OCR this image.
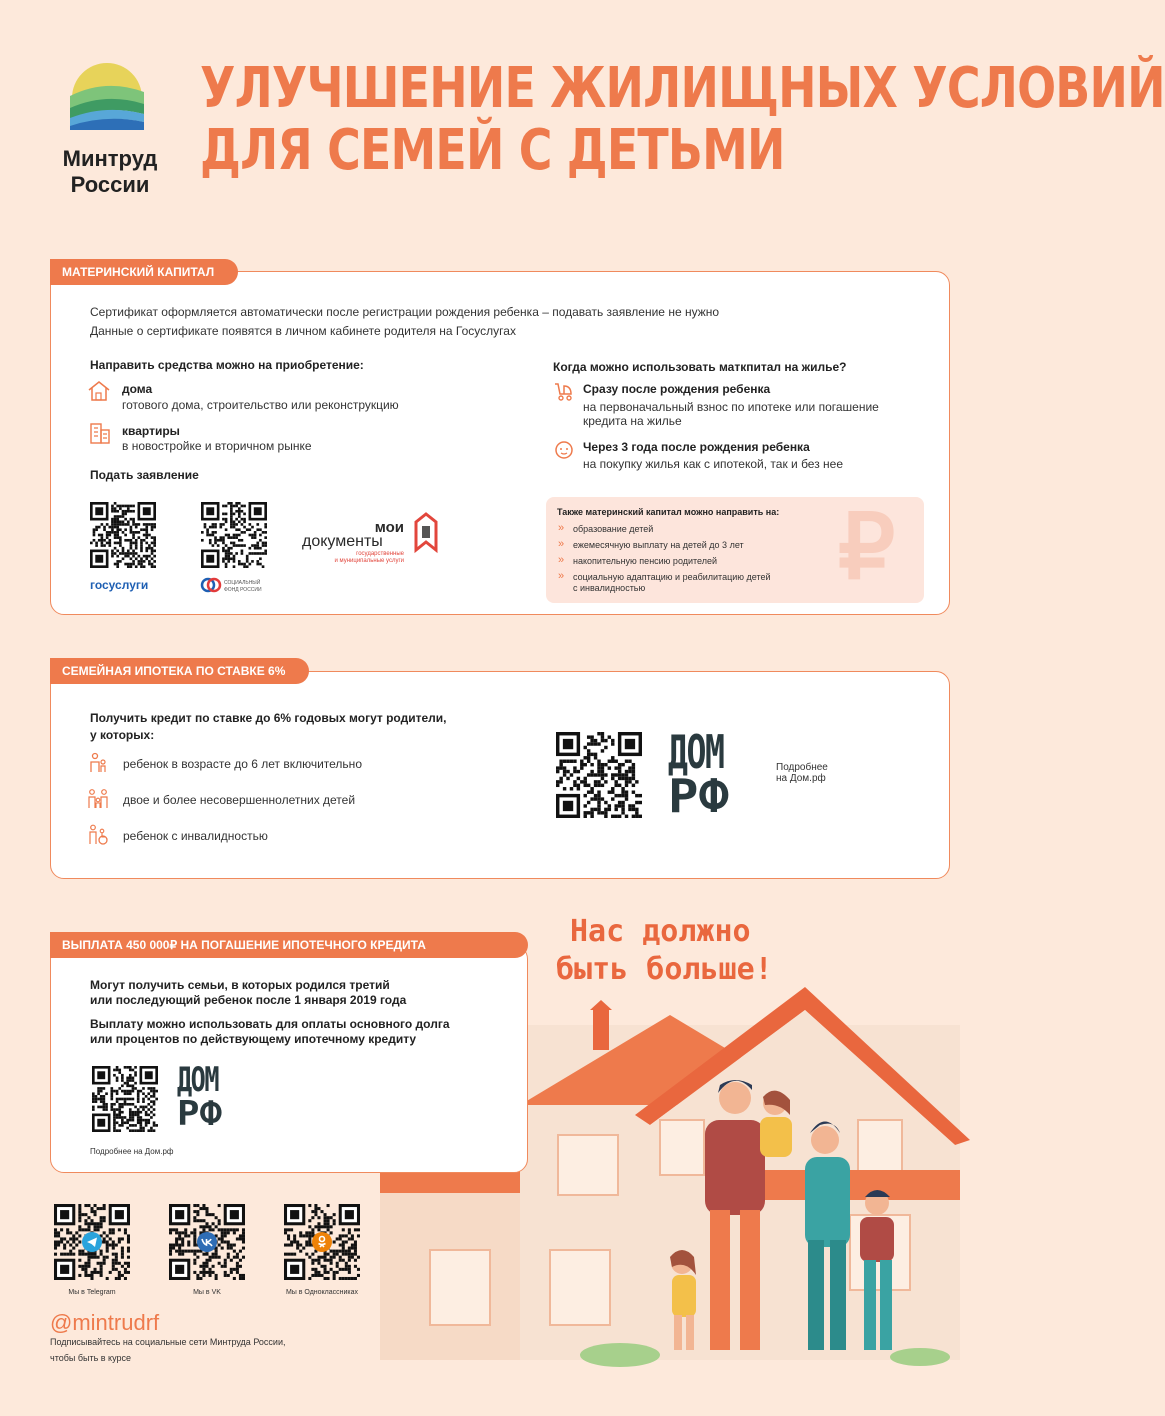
Минтруд
России
УЛУЧШЕНИЕ ЖИЛИЩНЫХ УСЛОВИЙ
ДЛЯ СЕМЕЙ С ДЕТЬМИ
МАТЕРИНСКИЙ КАПИТАЛ
Сертификат оформляется автоматически после регистрации рождения ребенка – подавать заявление не нужно
Данные о сертификате появятся в личном кабинете родителя на Госуслугах
Направить средства можно на приобретение:
дома
готового дома, строительство или реконструкцию
квартиры
в новостройке и вторичном рынке
Подать заявление
госуслуги	СОЦИАЛЬНЫЙ ФОНД РОССИИ
мои
документы
государственные
и муниципальные услуги
Когда можно использовать маткпитал на жилье?
Сразу после рождения ребенка
на первоначальный взнос по ипотеке или погашение
кредита на жилье
Через 3 года после рождения ребенка
на покупку жилья как с ипотекой, так и без нее
₽
Также материнский капитал можно направить на:
» образование детей
» ежемесячную выплату на детей до 3 лет
» накопительную пенсию родителей
» социальную адаптацию и реабилитацию детей
с инвалидностью
СЕМЕЙНАЯ ИПОТЕКА ПО СТАВКЕ 6%
Получить кредит по ставке до 6% годовых могут родители,
у которых:
ребенок в возрасте до 6 лет включительно
двое и более несовершеннолетних детей
ребенок с инвалидностью
ДОМ
РФ
Подробнее
на Дом.рф
Нас должно
быть больше!
ВЫПЛАТА 450 000₽ НА ПОГАШЕНИЕ ИПОТЕЧНОГО КРЕДИТА
Могут получить семьи, в которых родился третий
или последующий ребенок после 1 января 2019 года
Выплату можно использовать для оплаты основного долга
или процентов по действующему ипотечному кредиту
ДОМ
РФ
Подробнее на Дом.рф
Мы в Telegram	Мы в VK	Мы в Одноклассниках
@mintrudrf
Подписывайтесь на социальные сети Минтруда России,
чтобы быть в курсе
